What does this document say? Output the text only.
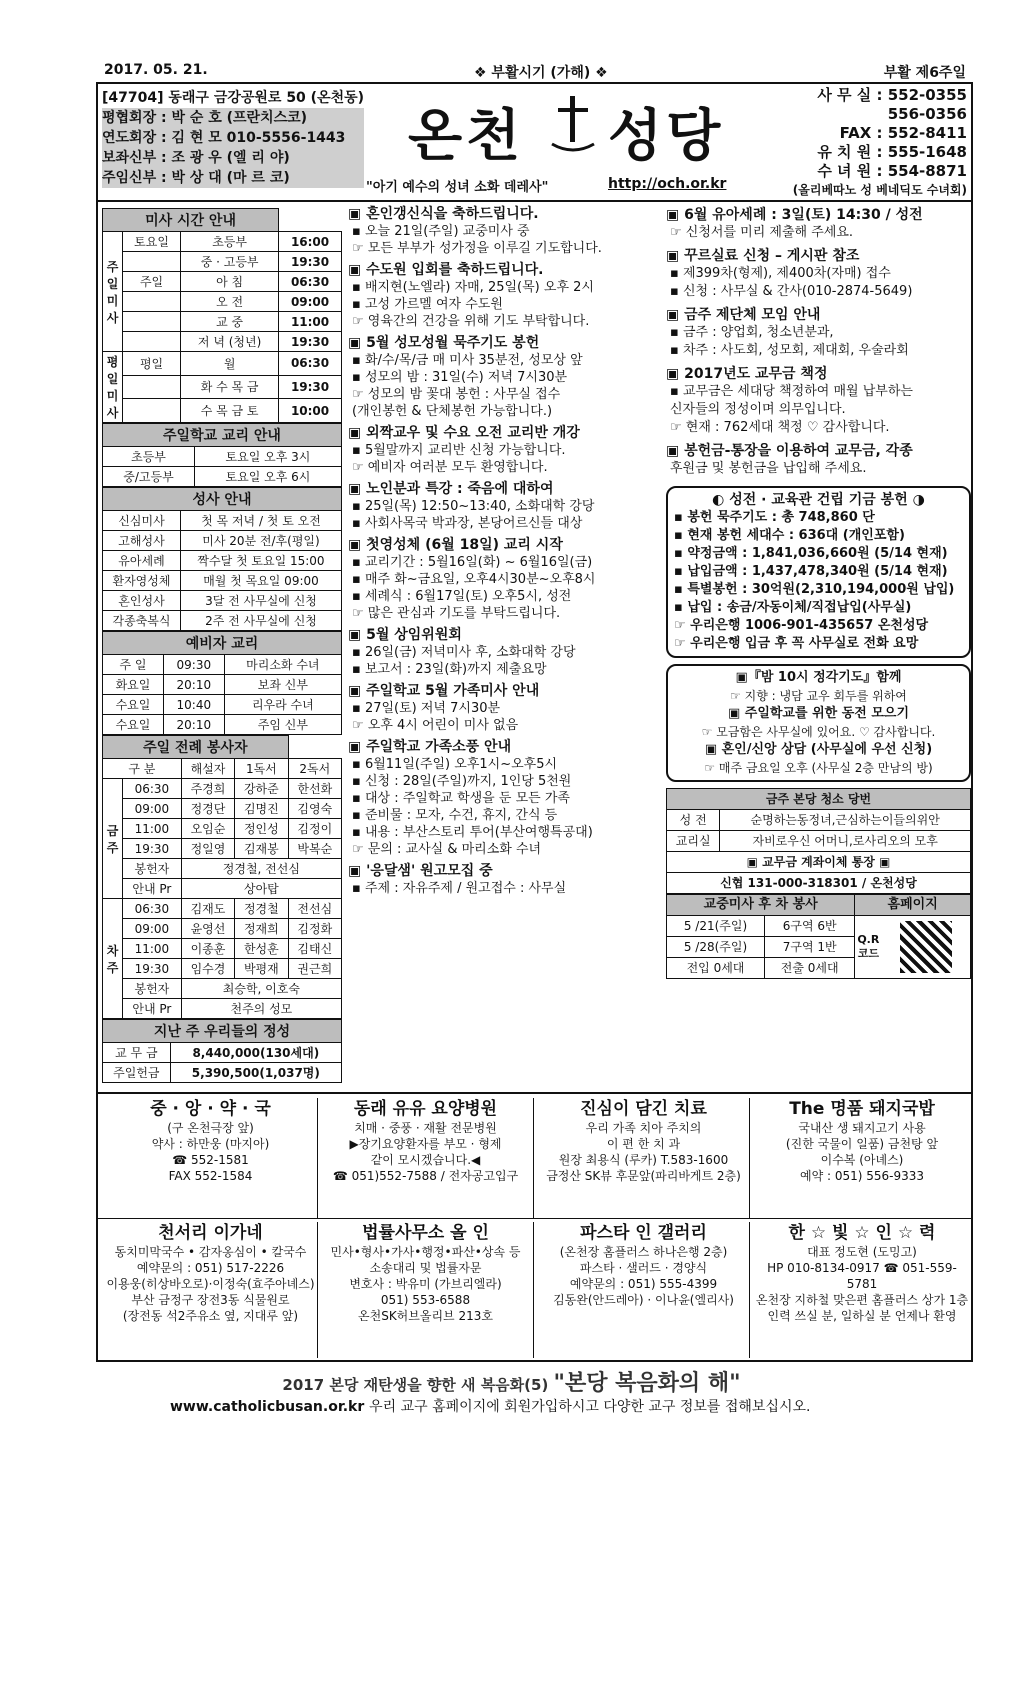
2017. 05. 21.	❖ 부활시기 (가해) ❖	부활 제6주일
[47704] 동래구 금강공원로 50 (온천동)
평협회장 : 박 순 호 (프란치스코)
연도회장 : 김 현 모 010-5556-1443
보좌신부 : 조 광 우 (엘 리 야)
주임신부 : 박 상 대 (마 르 코)
온천 성당
"아기 예수의 성녀 소화 데레사"	http://och.or.kr
사 무 실 : 552-0355
556-0356
FAX : 552-8411
유 치 원 : 555-1648
수 녀 원 : 554-8871
(올리베따노 성 베네딕도 수녀회)
미사 시간 안내			
주일미사	토요일	초등부	16:00
		중 · 고등부	19:30
	주일	아 침	06:30
		오 전	09:00
		교 중	11:00
		저 녁 (청년)	19:30
평일미사	평일	월	06:30
		화 수 목 금	19:30
		수 목 금 토	10:00
주일학교 교리 안내	
초등부	토요일 오후 3시
중/고등부	토요일 오후 6시
성사 안내	
신심미사	첫 목 저녁 / 첫 토 오전
고해성사	미사 20분 전/후(평일)
유아세례	짝수달 첫 토요일 15:00
환자영성체	매월 첫 목요일 09:00
혼인성사	3달 전 사무실에 신청
각종축복식	2주 전 사무실에 신청
예비자 교리		
주 일	09:30	마리소화 수녀
화요일	20:10	보좌 신부
수요일	10:40	리우라 수녀
수요일	20:10	주임 신부
주일 전례 봉사자				
구 분		해설자	1독서	2독서
금주	06:30	주경희	강하준	한선화
	09:00	정경단	김명진	김영숙
	11:00	오임순	정인성	김정이
	19:30	정일영	김재봉	박복순
	봉헌자	정경철, 전선심		
	안내 Pr	상아탑		
차주	06:30	김재도	정경철	전선심
	09:00	윤영선	정재희	김정화
	11:00	이종훈	한성훈	김태신
	19:30	임수경	박평재	권근희
	봉헌자	최승학, 이호숙		
	안내 Pr	천주의 성모		
지난 주 우리들의 정성	
교 무 금	8,440,000(130세대)
주일헌금	5,390,500(1,037명)
▣ 혼인갱신식을 축하드립니다.
▪ 오늘 21일(주일) 교중미사 중
☞ 모든 부부가 성가정을 이루길 기도합니다.
▣ 수도원 입회를 축하드립니다.
▪ 배지현(노엘라) 자매, 25일(목) 오후 2시
▪ 고성 가르멜 여자 수도원
☞ 영육간의 건강을 위해 기도 부탁합니다.
▣ 5월 성모성월 묵주기도 봉헌
▪ 화/수/목/금 매 미사 35분전, 성모상 앞
▪ 성모의 밤 : 31일(수) 저녁 7시30분
☞ 성모의 밤 꽃대 봉헌 : 사무실 접수
(개인봉헌 & 단체봉헌 가능합니다.)
▣ 외짝교우 및 수요 오전 교리반 개강
▪ 5월말까지 교리반 신청 가능합니다.
☞ 예비자 여러분 모두 환영합니다.
▣ 노인분과 특강 : 죽음에 대하여
▪ 25일(목) 12:50~13:40, 소화대학 강당
▪ 사회사목국 박과장, 본당어르신들 대상
▣ 첫영성체 (6월 18일) 교리 시작
▪ 교리기간 : 5월16일(화) ~ 6월16일(금)
▪ 매주 화~금요일, 오후4시30분~오후8시
▪ 세례식 : 6월17일(토) 오후5시, 성전
☞ 많은 관심과 기도를 부탁드립니다.
▣ 5월 상임위원회
▪ 26일(금) 저녁미사 후, 소화대학 강당
▪ 보고서 : 23일(화)까지 제출요망
▣ 주일학교 5월 가족미사 안내
▪ 27일(토) 저녁 7시30분
☞ 오후 4시 어린이 미사 없음
▣ 주일학교 가족소풍 안내
▪ 6월11일(주일) 오후1시~오후5시
▪ 신청 : 28일(주일)까지, 1인당 5천원
▪ 대상 : 주일학교 학생을 둔 모든 가족
▪ 준비물 : 모자, 수건, 휴지, 간식 등
▪ 내용 : 부산스토리 투어(부산여행특공대)
☞ 문의 : 교사실 & 마리소화 수녀
▣ '응달샘' 원고모집 중
▪ 주제 : 자유주제 / 원고접수 : 사무실
▣ 6월 유아세례 : 3일(토) 14:30 / 성전
☞ 신청서를 미리 제출해 주세요.
▣ 꾸르실료 신청 – 게시판 참조
▪ 제399차(형제), 제400차(자매) 접수
▪ 신청 : 사무실 & 간사(010-2874-5649)
▣ 금주 제단체 모임 안내
▪ 금주 : 양업회, 청소년분과,
▪ 차주 : 사도회, 성모회, 제대회, 우술라회
▣ 2017년도 교무금 책정
▪ 교무금은 세대당 책정하여 매월 납부하는
신자들의 정성이며 의무입니다.
☞ 현재 : 762세대 책정 ♡ 감사합니다.
▣ 봉헌금-통장을 이용하여 교무금, 각종
후원금 및 봉헌금을 납입해 주세요.
◐ 성전 · 교육관 건립 기금 봉헌 ◑
▪ 봉헌 묵주기도 : 총 748,860 단
▪ 현재 봉헌 세대수 : 636대 (개인포함)
▪ 약정금액 : 1,841,036,660원 (5/14 현재)
▪ 납입금액 : 1,437,478,340원 (5/14 현재)
▪ 특별봉헌 : 30억원(2,310,194,000원 납입)
▪ 납입 : 송금/자동이체/직접납입(사무실)
☞ 우리은행 1006-901-435657 온천성당
☞ 우리은행 입금 후 꼭 사무실로 전화 요망
▣『밤 10시 정각기도』함께
☞ 지향 : 냉담 교우 회두를 위하여
▣ 주일학교를 위한 동전 모으기
☞ 모금함은 사무실에 있어요. ♡ 감사합니다.
▣ 혼인/신앙 상담 (사무실에 우선 신청)
☞ 매주 금요일 오후 (사무실 2층 만남의 방)
금주 본당 청소 당번	
성 전	순명하는동정녀,근심하는이들의위안
교리실	자비로우신 어머니,로사리오의 모후
▣ 교무금 계좌이체 통장 ▣	
신협 131-000-318301 / 온천성당	
교중미사 후 차 봉사		홈페이지
5 /21(주일)	6구역 6반	Q.R
코드

5 /28(주일)	7구역 1반	
전입 0세대	전출 0세대	
중 · 앙 · 약 · 국
(구 온천극장 앞)
약사 : 하만웅 (마지아)
☎ 552-1581
FAX 552-1584
동래 유유 요양병원
치매 · 중풍 · 재활 전문병원
▶장기요양환자를 부모 · 형제
같이 모시겠습니다.◀
☎ 051)552-7588 / 전자공고입구
진심이 담긴 치료
우리 가족 치아 주치의
이 편 한 치 과
원장 최용식 (루카) T.583-1600
금정산 SK뷰 후문앞(파리바게트 2층)
The 명품 돼지국밥
국내산 생 돼지고기 사용
(진한 국물이 일품) 금천탕 앞
이수복 (아녜스)
예약 : 051) 556-9333
천서리 이가네
동치미막국수 • 감자옹심이 • 칼국수
예약문의 : 051) 517-2226
이용웅(히상바오로)·이정숙(효주아녜스)
부산 금정구 장전3동 식물원로
(장전동 석2주유소 옆, 지대루 앞)
법률사무소 올 인
민사•형사•가사•행정•파산•상속 등
소송대리 및 법률자문
변호사 : 박유미 (가브리엘라)
051) 553-6588
온천SK허브올리브 213호
파스타 인 갤러리
(온천장 홈플러스 하나은행 2층)
파스타 · 샐러드 · 경양식
예약문의 : 051) 555-4399
김동완(안드레아) · 이나윤(엘리사)
한 ☆ 빛 ☆ 인 ☆ 력
대표 정도현 (도밍고)
HP 010-8134-0917 ☎ 051-559-5781
온천장 지하철 맞은편 홈플러스 상가 1층
인력 쓰실 분, 일하실 분 언제나 환영
2017 본당 재탄생을 향한 새 복음화(5) "본당 복음화의 해"
www.catholicbusan.or.kr 우리 교구 홈페이지에 회원가입하시고 다양한 교구 정보를 접해보십시오.
